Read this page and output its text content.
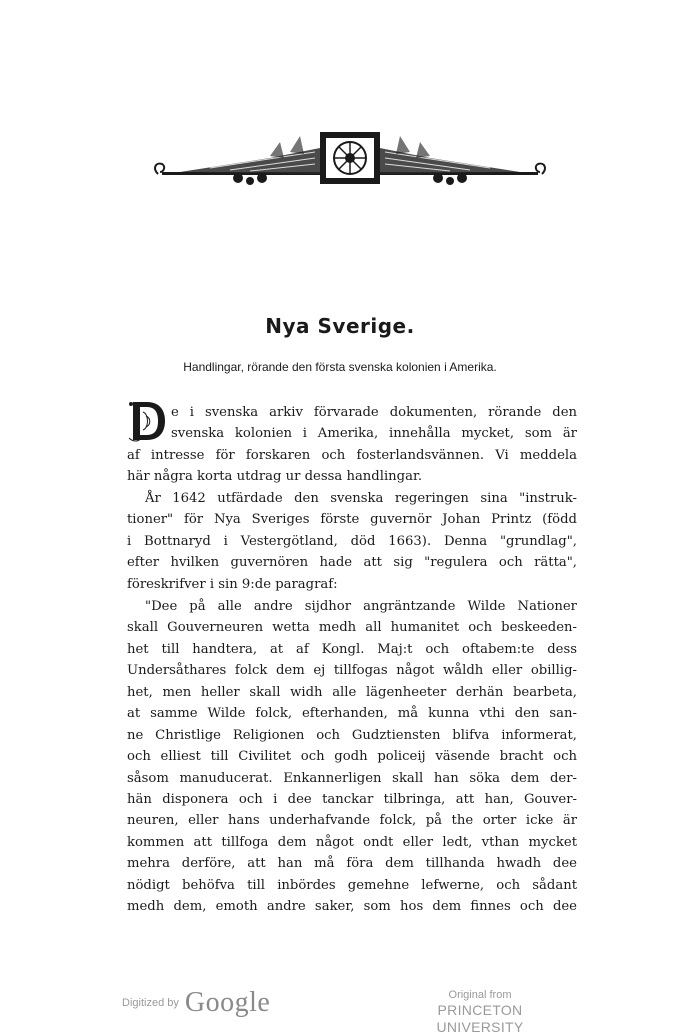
Nya Sverige.
Handlingar, rörande den första svenska kolonien i Amerika.
e i svenska arkiv förvarade dokumenten, rörande den
svenska kolonien i Amerika, innehålla mycket, som är
af intresse för forskaren och fosterlandsvännen. Vi meddela
här några korta utdrag ur dessa handlingar.
År 1642 utfärdade den svenska regeringen sina "instruk-
tioner" för Nya Sveriges förste guvernör Johan Printz (född
i Bottnaryd i Vestergötland, död 1663). Denna "grundlag",
efter hvilken guvernören hade att sig "regulera och rätta",
föreskrifver i sin 9:de paragraf:
"Dee på alle andre sijdhor angräntzande Wilde Nationer
skall Gouverneuren wetta medh all humanitet och beskeeden-
het till handtera, at af Kongl. Maj:t och oftabem:te dess
Undersåthares folck dem ej tillfogas något wåldh eller obillig-
het, men heller skall widh alle lägenheeter derhän bearbeta,
at samme Wilde folck, efterhanden, må kunna vthi den san-
ne Christlige Religionen och Gudztiensten blifva informerat,
och elliest till Civilitet och godh policeij väsende bracht och
såsom manuducerat. Enkannerligen skall han söka dem der-
hän disponera och i dee tanckar tilbringa, att han, Gouver-
neuren, eller hans underhafvande folck, på the orter icke är
kommen att tillfoga dem något ondt eller ledt, vthan mycket
mehra derföre, att han må föra dem tillhanda hwadh dee
nödigt behöfva till inbördes gemehne lefwerne, och sådant
medh dem, emoth andre saker, som hos dem finnes och dee
Digitized by Google	Original from
PRINCETON UNIVERSITY
